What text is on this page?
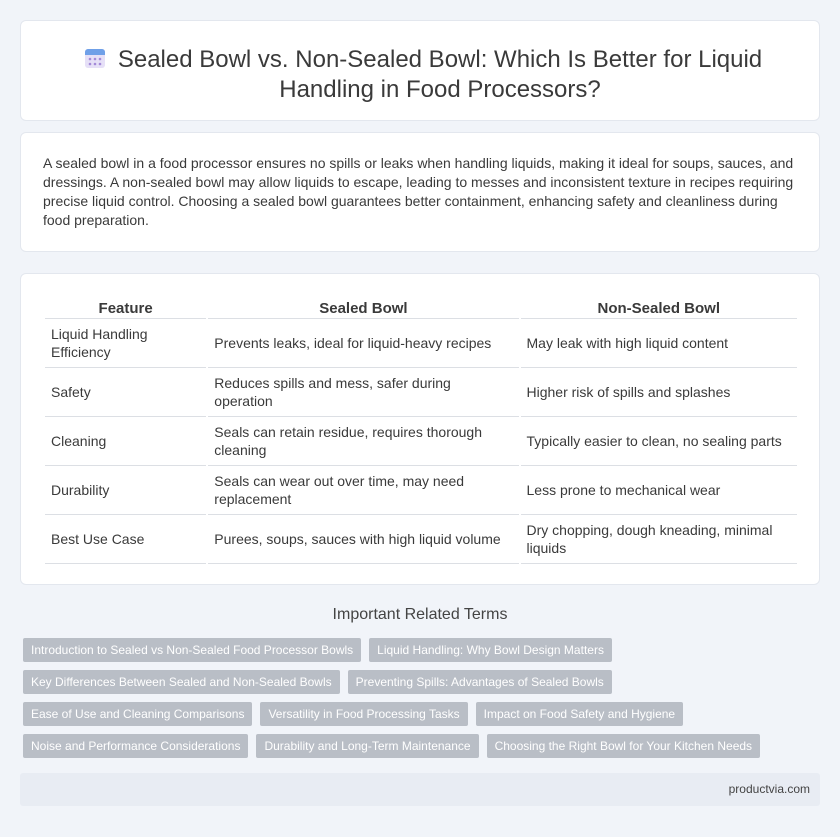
Sealed Bowl vs. Non-Sealed Bowl: Which Is Better for Liquid Handling in Food Processors?

A sealed bowl in a food processor ensures no spills or leaks when handling liquids, making it ideal for soups, sauces, and dressings. A non-sealed bowl may allow liquids to escape, leading to messes and inconsistent texture in recipes requiring precise liquid control. Choosing a sealed bowl guarantees better containment, enhancing safety and cleanliness during food preparation.

Feature	Sealed Bowl	Non-Sealed Bowl
Liquid Handling Efficiency	Prevents leaks, ideal for liquid-heavy recipes	May leak with high liquid content
Safety	Reduces spills and mess, safer during operation	Higher risk of spills and splashes
Cleaning	Seals can retain residue, requires thorough cleaning	Typically easier to clean, no sealing parts
Durability	Seals can wear out over time, may need replacement	Less prone to mechanical wear
Best Use Case	Purees, soups, sauces with high liquid volume	Dry chopping, dough kneading, minimal liquids
Important Related Terms
Introduction to Sealed vs Non-Sealed Food Processor Bowls	Liquid Handling: Why Bowl Design Matters
Key Differences Between Sealed and Non-Sealed Bowls	Preventing Spills: Advantages of Sealed Bowls
Ease of Use and Cleaning Comparisons	Versatility in Food Processing Tasks	Impact on Food Safety and Hygiene
Noise and Performance Considerations	Durability and Long-Term Maintenance	Choosing the Right Bowl for Your Kitchen Needs
productvia.com
